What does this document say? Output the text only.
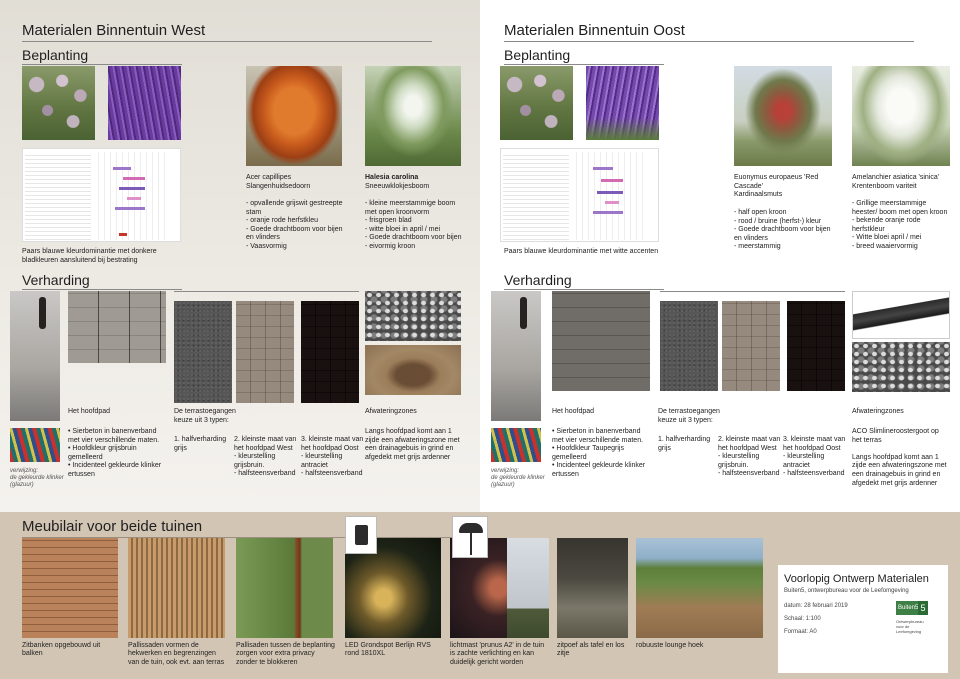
Materialen Binnentuin West
Beplanting
Paars blauwe kleurdominantie met donkere
bladkleuren aansluitend bij bestrating
Acer capillipes
Slangenhuidsedoorn
- opvallende grijswit gestreepte
stam
- oranje rode herfstkleu
- Goede drachtboom voor bijen
en vlinders
- Vaasvormig
Halesia carolina
Sneeuwklokjesboom
- kleine meerstammige boom
met open kroonvorm
- frisgroen blad
- witte bloei in april / mei
- Goede drachtboom voor bijen
- eivormig kroon
Verharding
Het hoofdpad
• Sierbeton in banenverband
met vier verschillende maten.
• Hoofdkleur grijsbruin
gemelleerd
• Incidenteel gekleurde klinker
ertussen
verwijzing:
de gekleurde klinker
(glazuur)
De terrastoegangen
keuze uit 3 typen:
1. halfverharding
grijs
2. kleinste maat van
het hoofdpad West
- kleurstelling
grijsbruin.
- halfsteensverband
3. kleinste maat van
het hoofdpad Oost
- kleurstelling
antraciet
- halfsteensverband
Afwateringzones
Langs hoofdpad komt aan 1
zijde een afwateringszone met
een drainagebuis in grind en
afgedekt met grijs ardenner
Materialen Binnentuin Oost
Beplanting
Paars blauwe kleurdominantie met witte accenten
Euonymus europaeus 'Red
Cascade'
Kardinaalsmuts
- half open kroon
- rood / bruine (herfst-) kleur
- Goede drachtboom voor bijen
en vlinders
- meerstammig
Amelanchier asiatica 'sinica'
Krentenboom variteit
- Grillige meerstammige
heester/ boom met open kroon
- bekende oranje rode
herfstkleur
- Witte bloei april / mei
- breed waaiervormig
Verharding
Het hoofdpad
• Sierbeton in banenverband
met vier verschillende maten.
• Hoofdkleur Taupegrijs
gemelleerd
• Incidenteel gekleurde klinker
ertussen
verwijzing:
de gekleurde klinker
(glazuur)
De terrastoegangen
keuze uit 3 typen:
1. halfverharding
grijs
2. kleinste maat van
het hoofdpad West
- kleurstelling
grijsbruin.
- halfsteensverband
3. kleinste maat van
het hoofdpad Oost
- kleurstelling
antraciet
- halfsteensverband
Afwateringzones
ACO Slimlineroostergoot op
het terras

Langs hoofdpad komt aan 1
zijde een afwateringszone met
een drainagebuis in grind en
afgedekt met grijs ardenner
Meubilair voor beide tuinen
Zitbanken opgebouwd uit
balken
Pallissaden vormen de
hekwerken en begrenzingen
van de tuin, ook evt. aan terras
Pallisaden tussen de beplanting
zorgen voor extra privacy
zonder te blokkeren
LED Grondspot Berlijn RVS
rond 1810XL
lichtmast 'prunus A2' in de tuin
is zachte verlichting en kan
duidelijk gericht worden
zitpoef als tafel en los
zitje
robuuste lounge hoek
Voorlopig Ontwerp Materialen
Buiten5, ontwerpbureau voor de Leefomgeving
datum: 28 februari 2019
Schaal: 1:100
Formaat: A0
Buiten5 5
Ontwerpbureau
voor de
Leefomgeving
